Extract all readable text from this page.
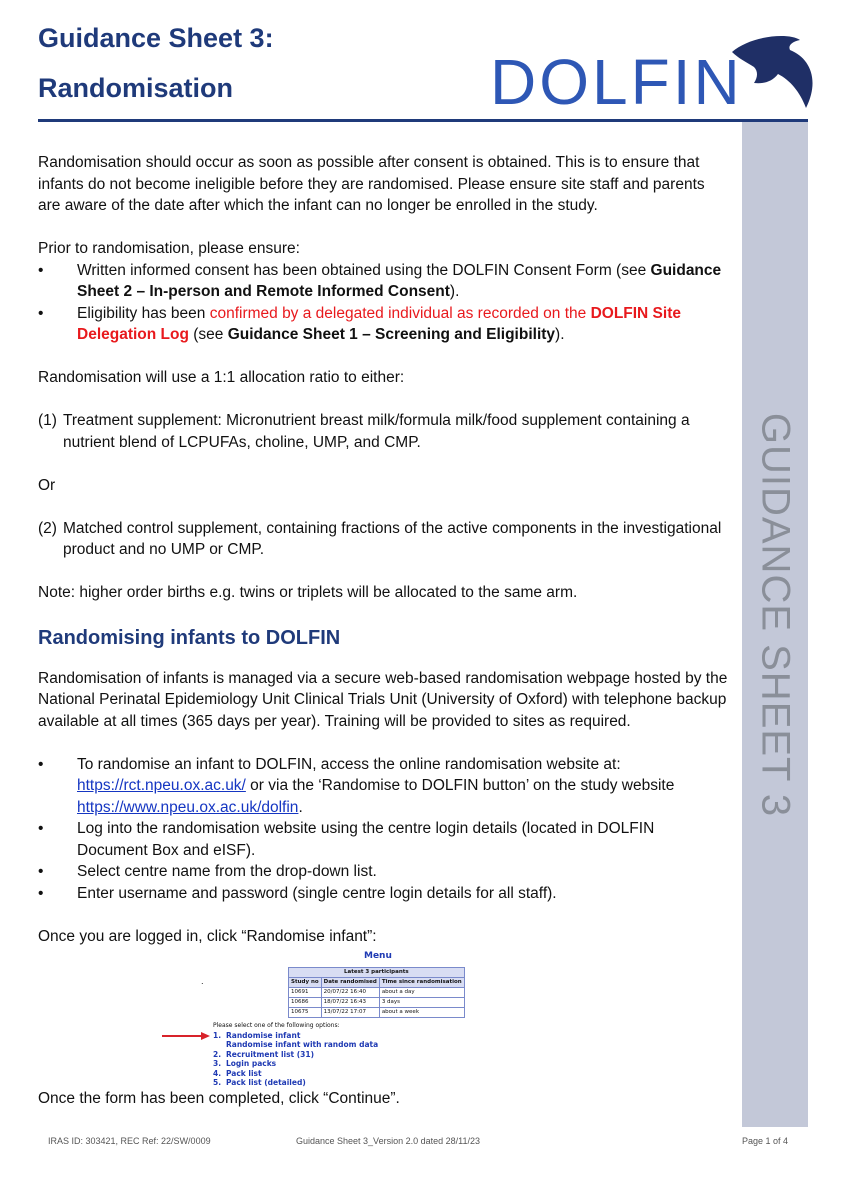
Guidance Sheet 3:
Randomisation	DOLFIN
GUIDANCE SHEET 3

Randomisation should occur as soon as possible after consent is obtained. This is to ensure that infants do not become ineligible before they are randomised. Please ensure site staff and parents are aware of the date after which the infant can no longer be enrolled in the study.

Prior to randomisation, please ensure:

•	Written informed consent has been obtained using the DOLFIN Consent Form (see Guidance Sheet 2 – In-person and Remote Informed Consent).
•	Eligibility has been confirmed by a delegated individual as recorded on the DOLFIN Site Delegation Log (see Guidance Sheet 1 – Screening and Eligibility).

Randomisation will use a 1:1 allocation ratio to either:

(1) Treatment supplement: Micronutrient breast milk/formula milk/food supplement containing a nutrient blend of LCPUFAs, choline, UMP, and CMP.

Or

(2) Matched control supplement, containing fractions of the active components in the investigational product and no UMP or CMP.

Note: higher order births e.g. twins or triplets will be allocated to the same arm.

Randomising infants to DOLFIN

Randomisation of infants is managed via a secure web-based randomisation webpage hosted by the National Perinatal Epidemiology Unit Clinical Trials Unit (University of Oxford) with telephone backup available at all times (365 days per year). Training will be provided to sites as required.

•	To randomise an infant to DOLFIN, access the online randomisation website at: https://rct.npeu.ox.ac.uk/ or via the ‘Randomise to DOLFIN button’ on the study website https://www.npeu.ox.ac.uk/dolfin.
•	Log into the randomisation website using the centre login details (located in DOLFIN Document Box and eISF).
•	Select centre name from the drop-down list.
•	Enter username and password (single centre login details for all staff).

Once you are logged in, click “Randomise infant”:

Menu
.
Latest 3 participants		
Study no	Date randomised	Time since randomisation
10691	20/07/22 16:40	about a day
10686	18/07/22 16:43	3 days
10675	13/07/22 17:07	about a week
Please select one of the following options:
1. Randomise infant
Randomise infant with random data
2. Recruitment list (31)
3. Login packs
4. Pack list
5. Pack list (detailed)

Once the form has been completed, click “Continue”.

IRAS ID: 303421, REC Ref: 22/SW/0009	Guidance Sheet 3_Version 2.0 dated 28/11/23	Page 1 of 4
